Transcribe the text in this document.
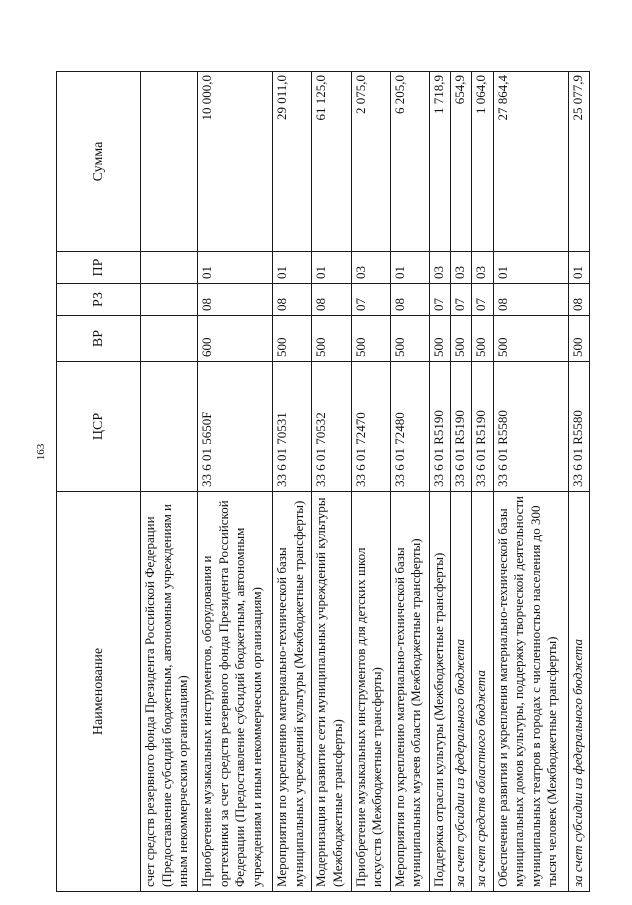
163
Наименование	ЦСР	ВР	РЗ	ПР	Сумма
счет средств резервного фонда Президента Российской Федерации (Предоставление субсидий бюджетным, автономным учреждениям и иным некоммерческим организациям)					
Приобретение музыкальных инструментов, оборудования и оргтехники за счет средств резервного фонда Президента Российской Федерации (Предоставление субсидий бюджетным, автономным учреждениям и иным некоммерческим организациям)	33 6 01 5650F	600	08	01	10 000,0
Мероприятия по укреплению материально-технической базы муниципальных учреждений культуры (Межбюджетные трансферты)	33 6 01 70531	500	08	01	29 011,0
Модернизация и развитие сети муниципальных учреждений культуры (Межбюджетные трансферты)	33 6 01 70532	500	08	01	61 125,0
Приобретение музыкальных инструментов для детских школ искусств (Межбюджетные трансферты)	33 6 01 72470	500	07	03	2 075,0
Мероприятия по укреплению материально-технической базы муниципальных музеев области (Межбюджетные трансферты)	33 6 01 72480	500	08	01	6 205,0
Поддержка отрасли культуры (Межбюджетные трансферты)	33 6 01 R5190	500	07	03	1 718,9
за счет субсидии из федерального бюджета	33 6 01 R5190	500	07	03	654,9
за счет средств областного бюджета	33 6 01 R5190	500	07	03	1 064,0
Обеспечение развития и укрепления материально-технической базы муниципальных домов культуры, поддержку творческой деятельности муниципальных театров в городах с численностью населения до 300 тысяч человек (Межбюджетные трансферты)	33 6 01 R5580	500	08	01	27 864,4
за счет субсидии из федерального бюджета	33 6 01 R5580	500	08	01	25 077,9
